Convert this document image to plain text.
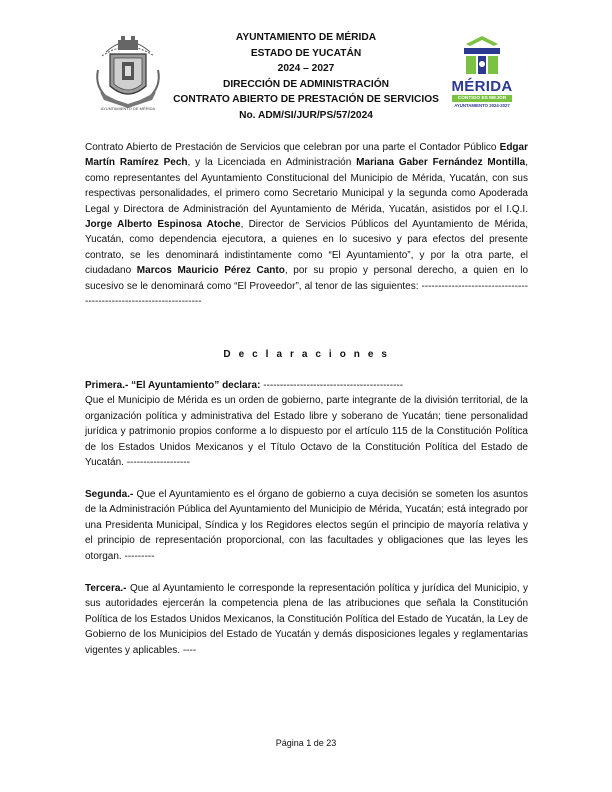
AYUNTAMIENTO DE MÉRIDA
AYUNTAMIENTO DE MÉRIDA
ESTADO DE YUCATÁN
2024 – 2027
DIRECCIÓN DE ADMINISTRACIÓN
CONTRATO ABIERTO DE PRESTACIÓN DE SERVICIOS
No. ADM/SI/JUR/PS/57/2024
MÉRIDA
CONTIGO ES MEJOR
AYUNTAMIENTO 2024-2027

Contrato Abierto de Prestación de Servicios que celebran por una parte el Contador Público Edgar Martín Ramírez Pech, y la Licenciada en Administración Mariana Gaber Fernández Montilla, como representantes del Ayuntamiento Constitucional del Municipio de Mérida, Yucatán, con sus respectivas personalidades, el primero como Secretario Municipal y la segunda como Apoderada Legal y Directora de Administración del Ayuntamiento de Mérida, Yucatán, asistidos por el I.Q.I. Jorge Alberto Espinosa Atoche, Director de Servicios Públicos del Ayuntamiento de Mérida, Yucatán, como dependencia ejecutora, a quienes en lo sucesivo y para efectos del presente contrato, se les denominará indistintamente como “El Ayuntamiento”, y por la otra parte, el ciudadano Marcos Mauricio Pérez Canto, por su propio y personal derecho, a quien en lo sucesivo se le denominará como “El Proveedor”, al tenor de las siguientes: -------------------------------------------------------------------

D e c l a r a c i o n e s

Primera.- “El Ayuntamiento” declara: ------------------------------------------

Que el Municipio de Mérida es un orden de gobierno, parte integrante de la división territorial, de la organización política y administrativa del Estado libre y soberano de Yucatán; tiene personalidad jurídica y patrimonio propios conforme a lo dispuesto por el artículo 115 de la Constitución Política de los Estados Unidos Mexicanos y el Título Octavo de la Constitución Política del Estado de Yucatán. -------------------

Segunda.- Que el Ayuntamiento es el órgano de gobierno a cuya decisión se someten los asuntos de la Administración Pública del Ayuntamiento del Municipio de Mérida, Yucatán; está integrado por una Presidenta Municipal, Síndica y los Regidores electos según el principio de mayoría relativa y el principio de representación proporcional, con las facultades y obligaciones que las leyes les otorgan. ---------

Tercera.- Que al Ayuntamiento le corresponde la representación política y jurídica del Municipio, y sus autoridades ejercerán la competencia plena de las atribuciones que señala la Constitución Política de los Estados Unidos Mexicanos, la Constitución Política del Estado de Yucatán, la Ley de Gobierno de los Municipios del Estado de Yucatán y demás disposiciones legales y reglamentarias vigentes y aplicables. ----

Página 1 de 23
